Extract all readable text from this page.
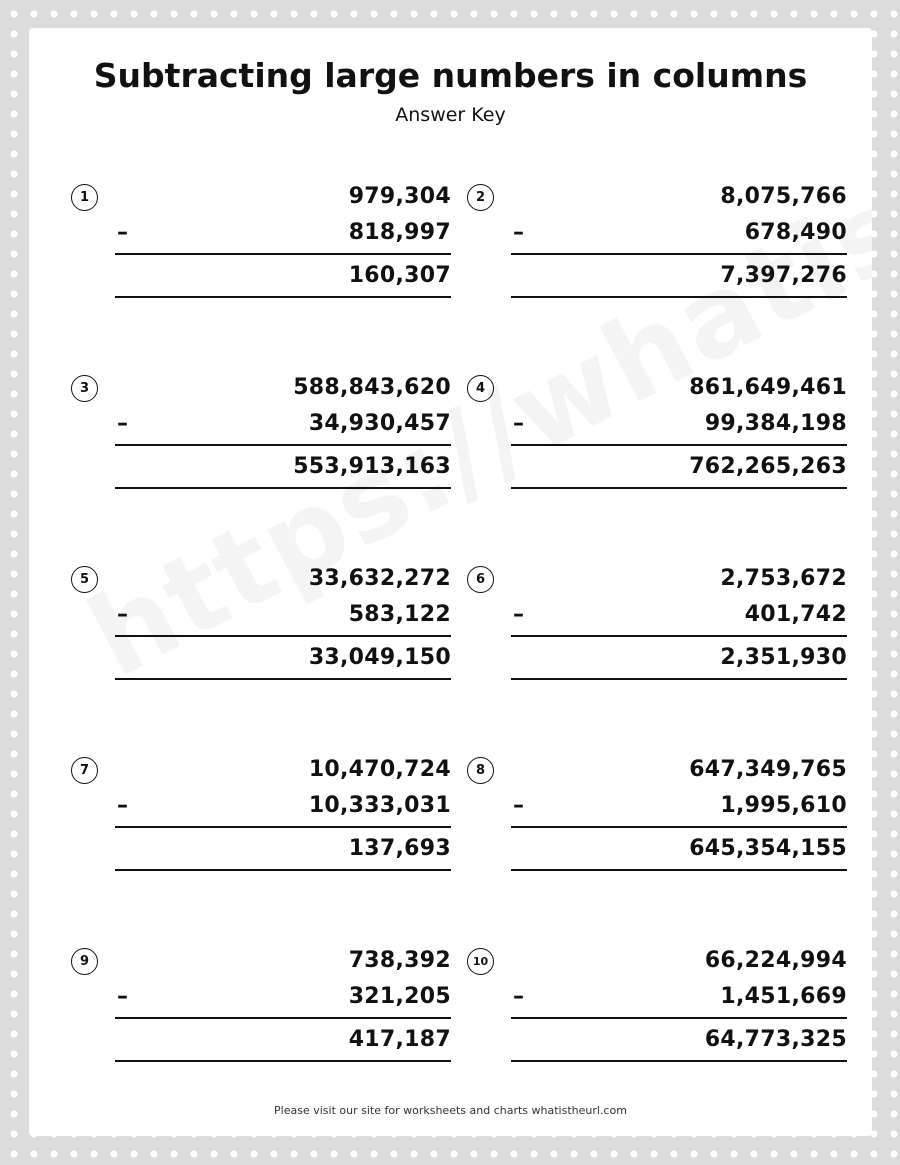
Subtracting large numbers in columns
Answer Key
1	979,304
–	818,997
160,307
2	8,075,766
–	678,490
7,397,276
3	588,843,620
–	34,930,457
553,913,163
4	861,649,461
–	99,384,198
762,265,263
5	33,632,272
–	583,122
33,049,150
6	2,753,672
–	401,742
2,351,930
7	10,470,724
–	10,333,031
137,693
8	647,349,765
–	1,995,610
645,354,155
9	738,392
–	321,205
417,187
10	66,224,994
–	1,451,669
64,773,325
Please visit our site for worksheets and charts whatistheurl.com
